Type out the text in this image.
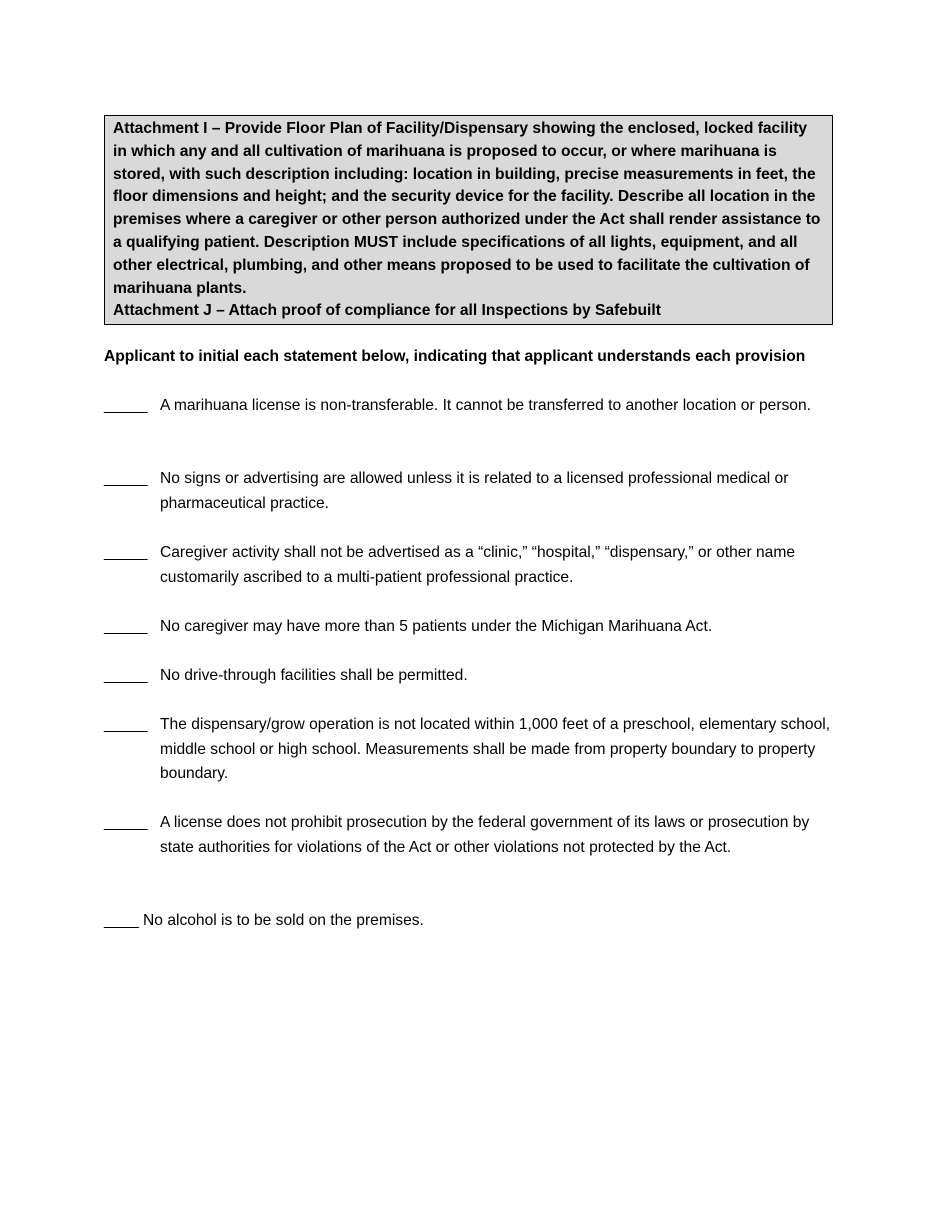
Attachment I – Provide Floor Plan of Facility/Dispensary showing the enclosed, locked facility in which any and all cultivation of marihuana is proposed to occur, or where marihuana is stored, with such description including: location in building, precise measurements in feet, the floor dimensions and height; and the security device for the facility. Describe all location in the premises where a caregiver or other person authorized under the Act shall render assistance to a qualifying patient. Description MUST include specifications of all lights, equipment, and all other electrical, plumbing, and other means proposed to be used to facilitate the cultivation of marihuana plants.

Attachment J – Attach proof of compliance for all Inspections by Safebuilt

Applicant to initial each statement below, indicating that applicant understands each provision
_____ A marihuana license is non-transferable. It cannot be transferred to another location or person.
_____ No signs or advertising are allowed unless it is related to a licensed professional medical or pharmaceutical practice.
_____ Caregiver activity shall not be advertised as a “clinic,” “hospital,” “dispensary,” or other name customarily ascribed to a multi-patient professional practice.
_____ No caregiver may have more than 5 patients under the Michigan Marihuana Act.
_____ No drive-through facilities shall be permitted.
_____ The dispensary/grow operation is not located within 1,000 feet of a preschool, elementary school, middle school or high school. Measurements shall be made from property boundary to property boundary.
_____ A license does not prohibit prosecution by the federal government of its laws or prosecution by state authorities for violations of the Act or other violations not protected by the Act.
____ No alcohol is to be sold on the premises.
